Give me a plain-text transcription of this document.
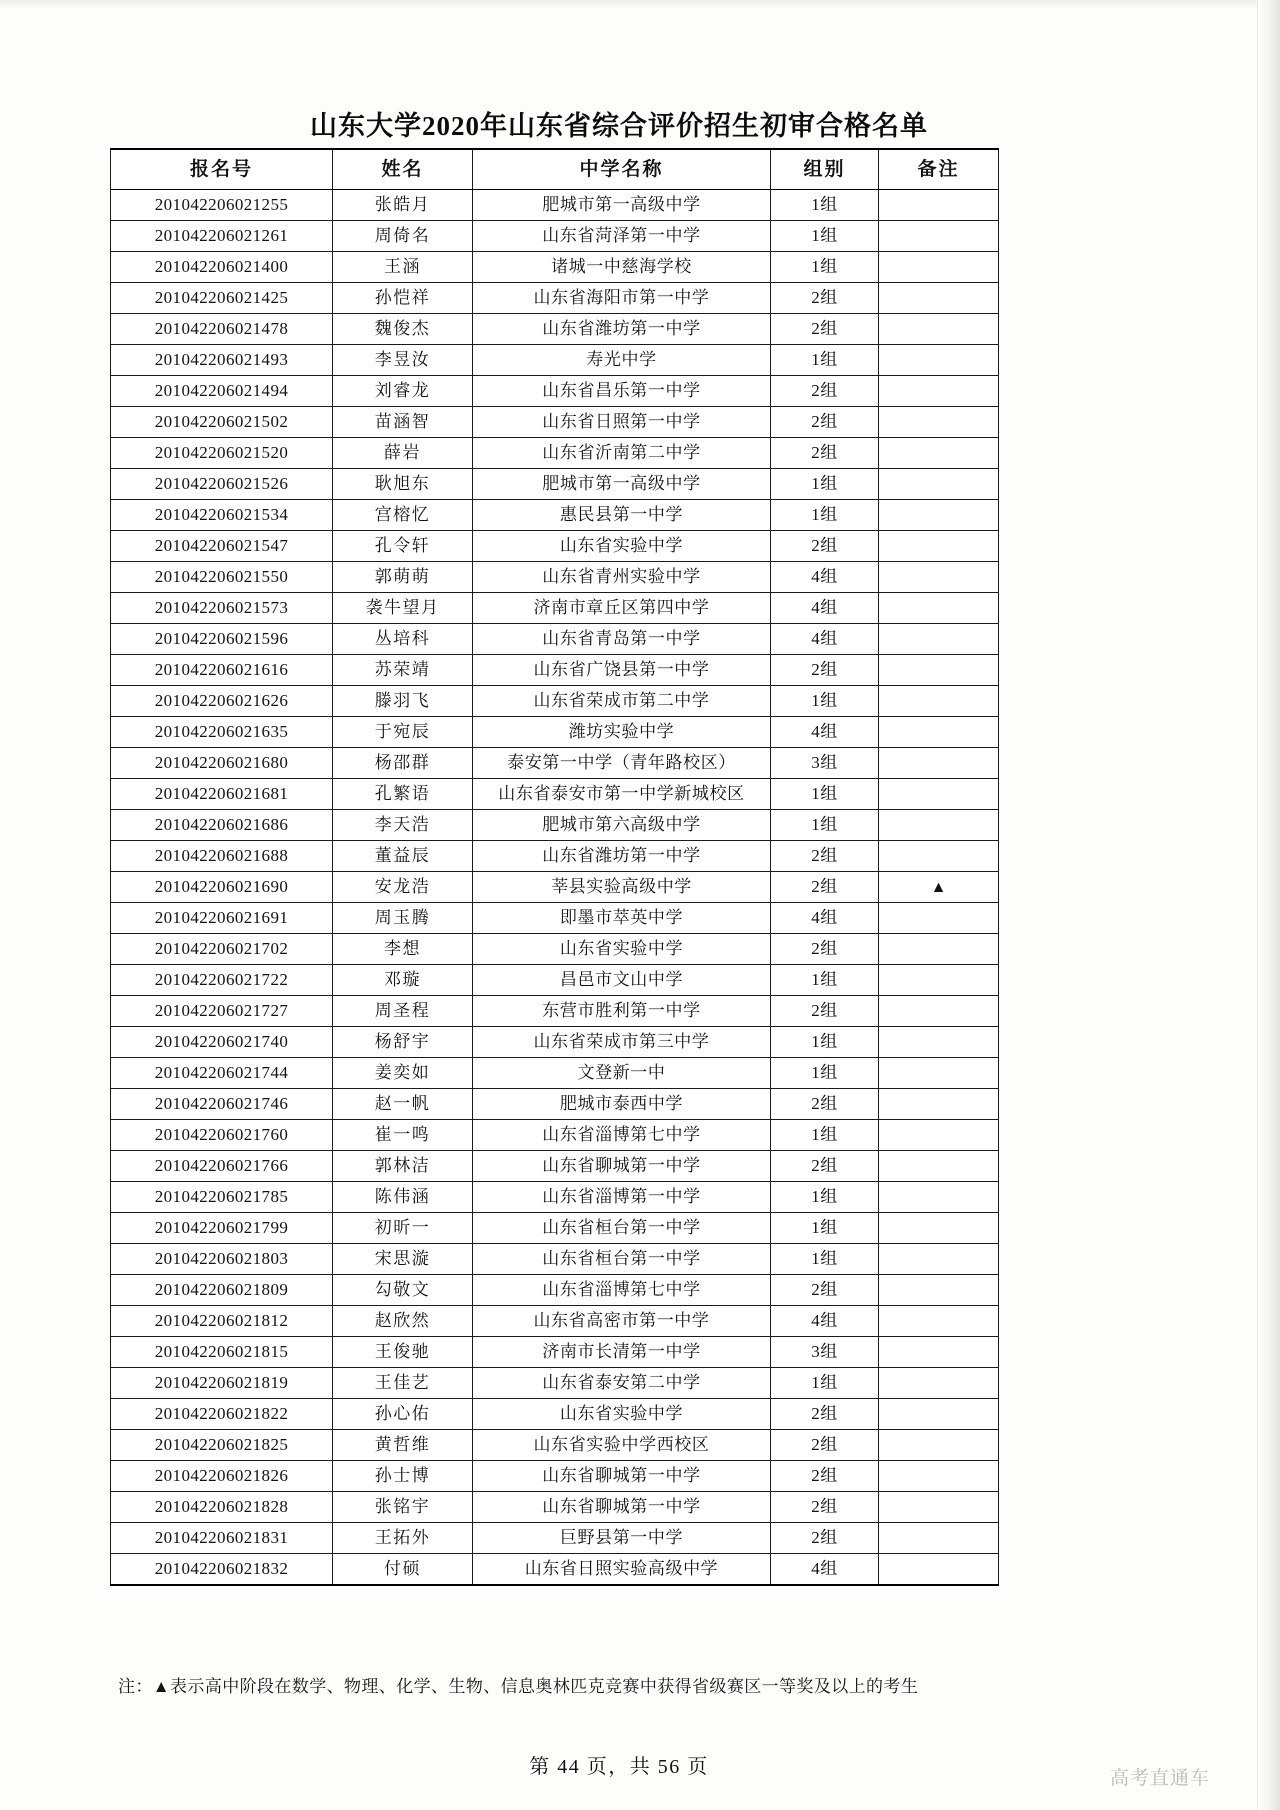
山东大学2020年山东省综合评价招生初审合格名单
报名号	姓名	中学名称	组别	备注
201042206021255	张皓月	肥城市第一高级中学	1组	
201042206021261	周倚名	山东省菏泽第一中学	1组	
201042206021400	王涵	诸城一中慈海学校	1组	
201042206021425	孙恺祥	山东省海阳市第一中学	2组	
201042206021478	魏俊杰	山东省潍坊第一中学	2组	
201042206021493	李昱汝	寿光中学	1组	
201042206021494	刘睿龙	山东省昌乐第一中学	2组	
201042206021502	苗涵智	山东省日照第一中学	2组	
201042206021520	薛岩	山东省沂南第二中学	2组	
201042206021526	耿旭东	肥城市第一高级中学	1组	
201042206021534	宫榕忆	惠民县第一中学	1组	
201042206021547	孔令轩	山东省实验中学	2组	
201042206021550	郭萌萌	山东省青州实验中学	4组	
201042206021573	袭牛望月	济南市章丘区第四中学	4组	
201042206021596	丛培科	山东省青岛第一中学	4组	
201042206021616	苏荣靖	山东省广饶县第一中学	2组	
201042206021626	滕羽飞	山东省荣成市第二中学	1组	
201042206021635	于宛辰	潍坊实验中学	4组	
201042206021680	杨邵群	泰安第一中学（青年路校区）	3组	
201042206021681	孔繁语	山东省泰安市第一中学新城校区	1组	
201042206021686	李天浩	肥城市第六高级中学	1组	
201042206021688	董益辰	山东省潍坊第一中学	2组	
201042206021690	安龙浩	莘县实验高级中学	2组	▲
201042206021691	周玉腾	即墨市萃英中学	4组	
201042206021702	李想	山东省实验中学	2组	
201042206021722	邓璇	昌邑市文山中学	1组	
201042206021727	周圣程	东营市胜利第一中学	2组	
201042206021740	杨舒宇	山东省荣成市第三中学	1组	
201042206021744	姜奕如	文登新一中	1组	
201042206021746	赵一帆	肥城市泰西中学	2组	
201042206021760	崔一鸣	山东省淄博第七中学	1组	
201042206021766	郭林洁	山东省聊城第一中学	2组	
201042206021785	陈伟涵	山东省淄博第一中学	1组	
201042206021799	初昕一	山东省桓台第一中学	1组	
201042206021803	宋思漩	山东省桓台第一中学	1组	
201042206021809	勾敬文	山东省淄博第七中学	2组	
201042206021812	赵欣然	山东省高密市第一中学	4组	
201042206021815	王俊驰	济南市长清第一中学	3组	
201042206021819	王佳艺	山东省泰安第二中学	1组	
201042206021822	孙心佑	山东省实验中学	2组	
201042206021825	黄哲维	山东省实验中学西校区	2组	
201042206021826	孙士博	山东省聊城第一中学	2组	
201042206021828	张铭宇	山东省聊城第一中学	2组	
201042206021831	王拓外	巨野县第一中学	2组	
201042206021832	付硕	山东省日照实验高级中学	4组	
注：▲表示高中阶段在数学、物理、化学、生物、信息奥林匹克竞赛中获得省级赛区一等奖及以上的考生
第 44 页，共 56 页
高考直通车
